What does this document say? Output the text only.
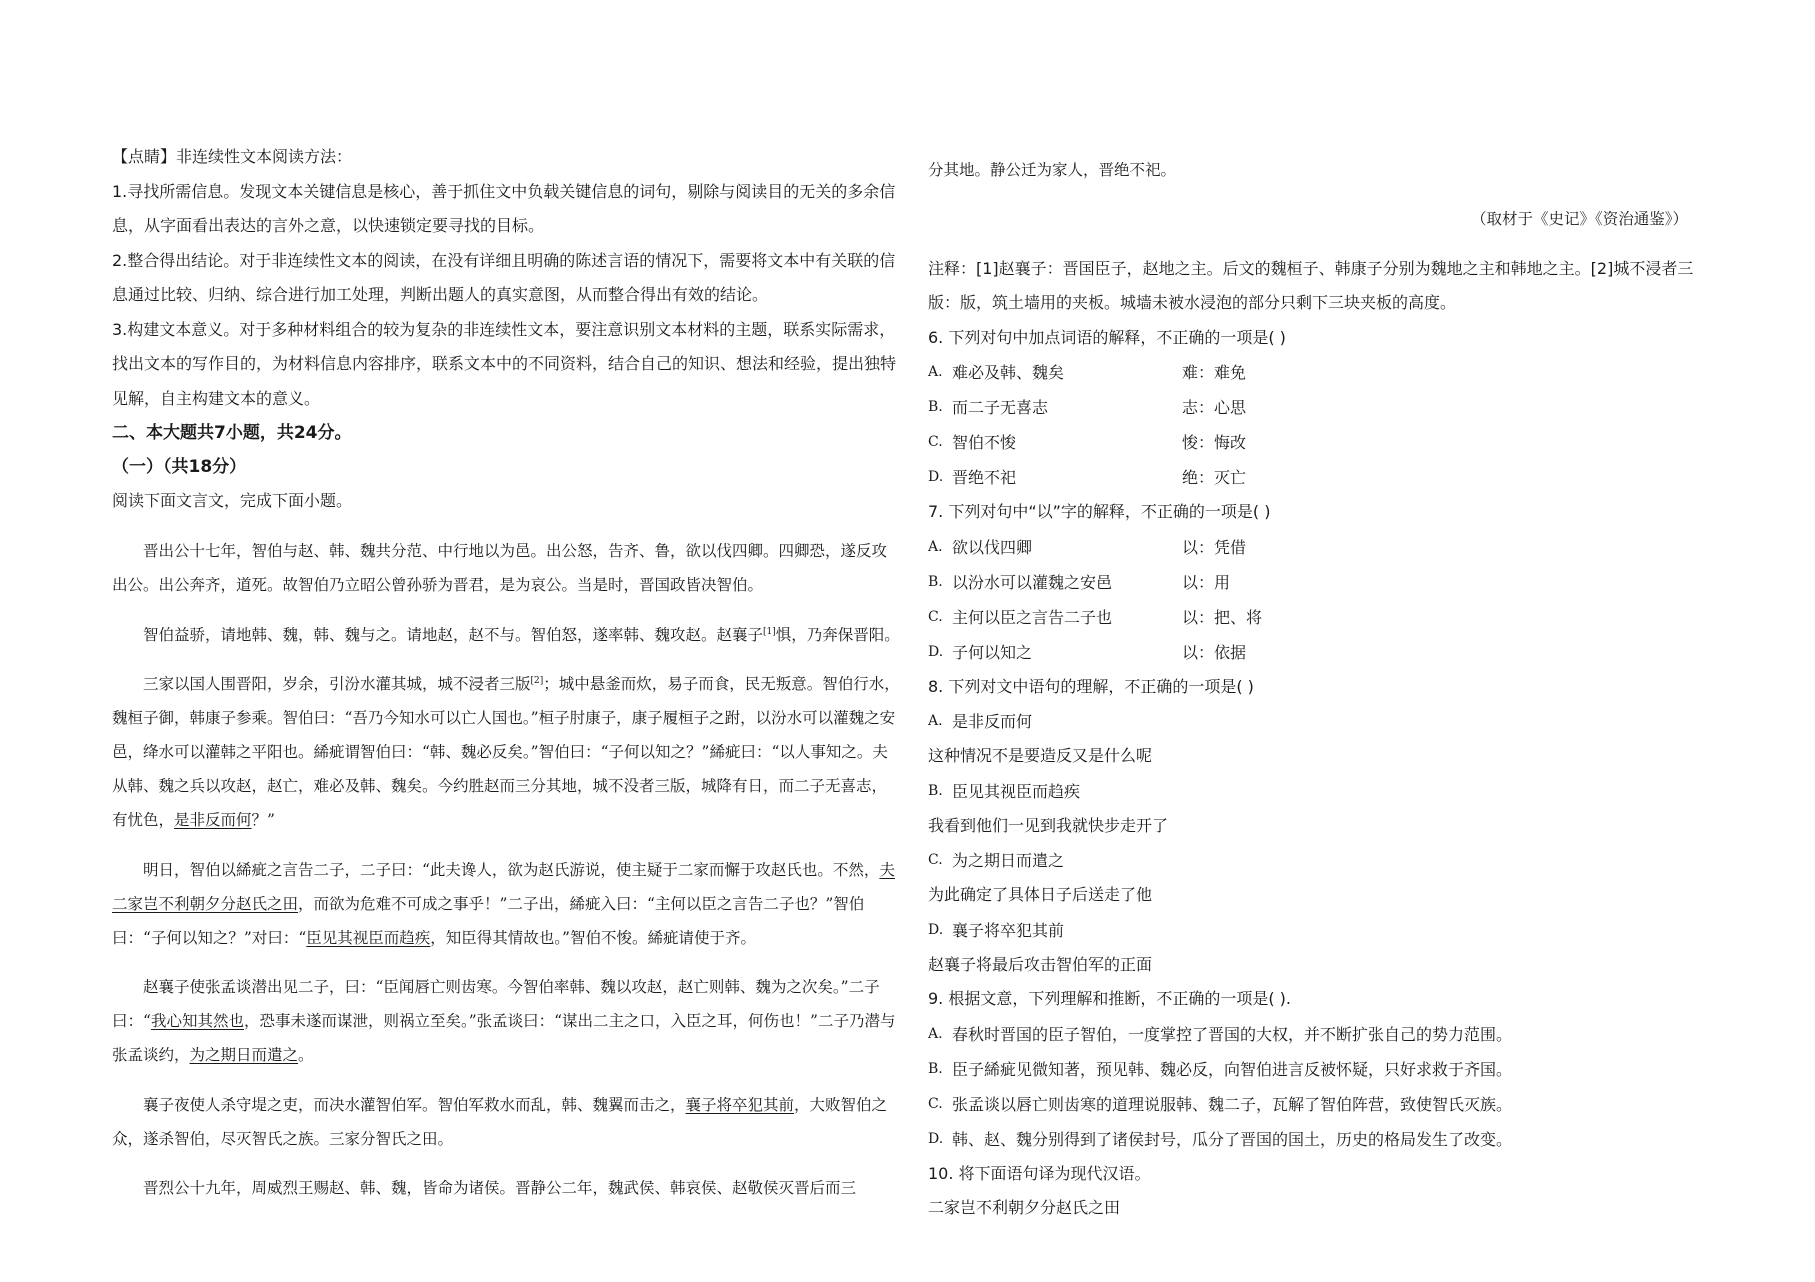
【点睛】非连续性文本阅读方法：

1.寻找所需信息。发现文本关键信息是核心，善于抓住文中负载关键信息的词句，剔除与阅读目的无关的多余信息，从字面看出表达的言外之意，以快速锁定要寻找的目标。

2.整合得出结论。对于非连续性文本的阅读，在没有详细且明确的陈述言语的情况下，需要将文本中有关联的信息通过比较、归纳、综合进行加工处理，判断出题人的真实意图，从而整合得出有效的结论。

3.构建文本意义。对于多种材料组合的较为复杂的非连续性文本，要注意识别文本材料的主题，联系实际需求，找出文本的写作目的，为材料信息内容排序，联系文本中的不同资料，结合自己的知识、想法和经验，提出独特见解，自主构建文本的意义。

二、本大题共7小题，共24分。

（一）（共18分）

阅读下面文言文，完成下面小题。

晋出公十七年，智伯与赵、韩、魏共分范、中行地以为邑。出公怒，告齐、鲁，欲以伐四卿。四卿恐，遂反攻出公。出公奔齐，道死。故智伯乃立昭公曾孙骄为晋君，是为哀公。当是时，晋国政皆决智伯。

智伯益骄，请地韩、魏，韩、魏与之。请地赵，赵不与。智伯怒，遂率韩、魏攻赵。赵襄子[1]惧，乃奔保晋阳。

三家以国人围晋阳，岁余，引汾水灌其城，城不浸者三版[2]；城中悬釜而炊，易子而食，民无叛意。智伯行水，魏桓子御，韩康子参乘。智伯曰：“吾乃今知水可以亡人国也。”桓子肘康子，康子履桓子之跗，以汾水可以灌魏之安邑，绛水可以灌韩之平阳也。絺疵谓智伯曰：“韩、魏必反矣。”智伯曰：“子何以知之？”絺疵曰：“以人事知之。夫从韩、魏之兵以攻赵，赵亡，难必及韩、魏矣。今约胜赵而三分其地，城不没者三版，城降有日，而二子无喜志，有忧色，是非反而何？”

明日，智伯以絺疵之言告二子，二子曰：“此夫谗人，欲为赵氏游说，使主疑于二家而懈于攻赵氏也。不然，夫二家岂不利朝夕分赵氏之田，而欲为危难不可成之事乎！”二子出，絺疵入曰：“主何以臣之言告二子也？”智伯曰：“子何以知之？”对曰：“臣见其视臣而趋疾，知臣得其情故也。”智伯不悛。絺疵请使于齐。

赵襄子使张孟谈潜出见二子，曰：“臣闻唇亡则齿寒。今智伯率韩、魏以攻赵，赵亡则韩、魏为之次矣。”二子曰：“我心知其然也，恐事未遂而谋泄，则祸立至矣。”张孟谈曰：“谋出二主之口，入臣之耳，何伤也！”二子乃潜与张孟谈约，为之期日而遣之。

襄子夜使人杀守堤之吏，而决水灌智伯军。智伯军救水而乱，韩、魏翼而击之，襄子将卒犯其前，大败智伯之众，遂杀智伯，尽灭智氏之族。三家分智氏之田。

晋烈公十九年，周威烈王赐赵、韩、魏，皆命为诸侯。晋静公二年，魏武侯、韩哀侯、赵敬侯灭晋后而三

分其地。静公迁为家人，晋绝不祀。

（取材于《史记》《资治通鉴》）

注释：[1]赵襄子：晋国臣子，赵地之主。后文的魏桓子、韩康子分别为魏地之主和韩地之主。[2]城不浸者三版：版，筑土墙用的夹板。城墙未被水浸泡的部分只剩下三块夹板的高度。

6. 下列对句中加点词语的解释，不正确的一项是( )

A. 难必及韩、魏矣	难：难免
B. 而二子无喜志	志：心思
C. 智伯不悛	悛：悔改
D. 晋绝不祀	绝：灭亡

7. 下列对句中“以”字的解释，不正确的一项是( )

A. 欲以伐四卿	以：凭借
B. 以汾水可以灌魏之安邑	以：用
C. 主何以臣之言告二子也	以：把、将
D. 子何以知之	以：依据

8. 下列对文中语句的理解，不正确的一项是( )

A. 是非反而何

这种情况不是要造反又是什么呢

B. 臣见其视臣而趋疾

我看到他们一见到我就快步走开了

C. 为之期日而遣之

为此确定了具体日子后送走了他

D. 襄子将卒犯其前

赵襄子将最后攻击智伯军的正面

9. 根据文意，下列理解和推断，不正确的一项是( ).

A. 春秋时晋国的臣子智伯，一度掌控了晋国的大权，并不断扩张自己的势力范围。
B. 臣子絺疵见微知著，预见韩、魏必反，向智伯进言反被怀疑，只好求救于齐国。
C. 张孟谈以唇亡则齿寒的道理说服韩、魏二子，瓦解了智伯阵营，致使智氏灭族。
D. 韩、赵、魏分别得到了诸侯封号，瓜分了晋国的国土，历史的格局发生了改变。

10. 将下面语句译为现代汉语。

二家岂不利朝夕分赵氏之田
